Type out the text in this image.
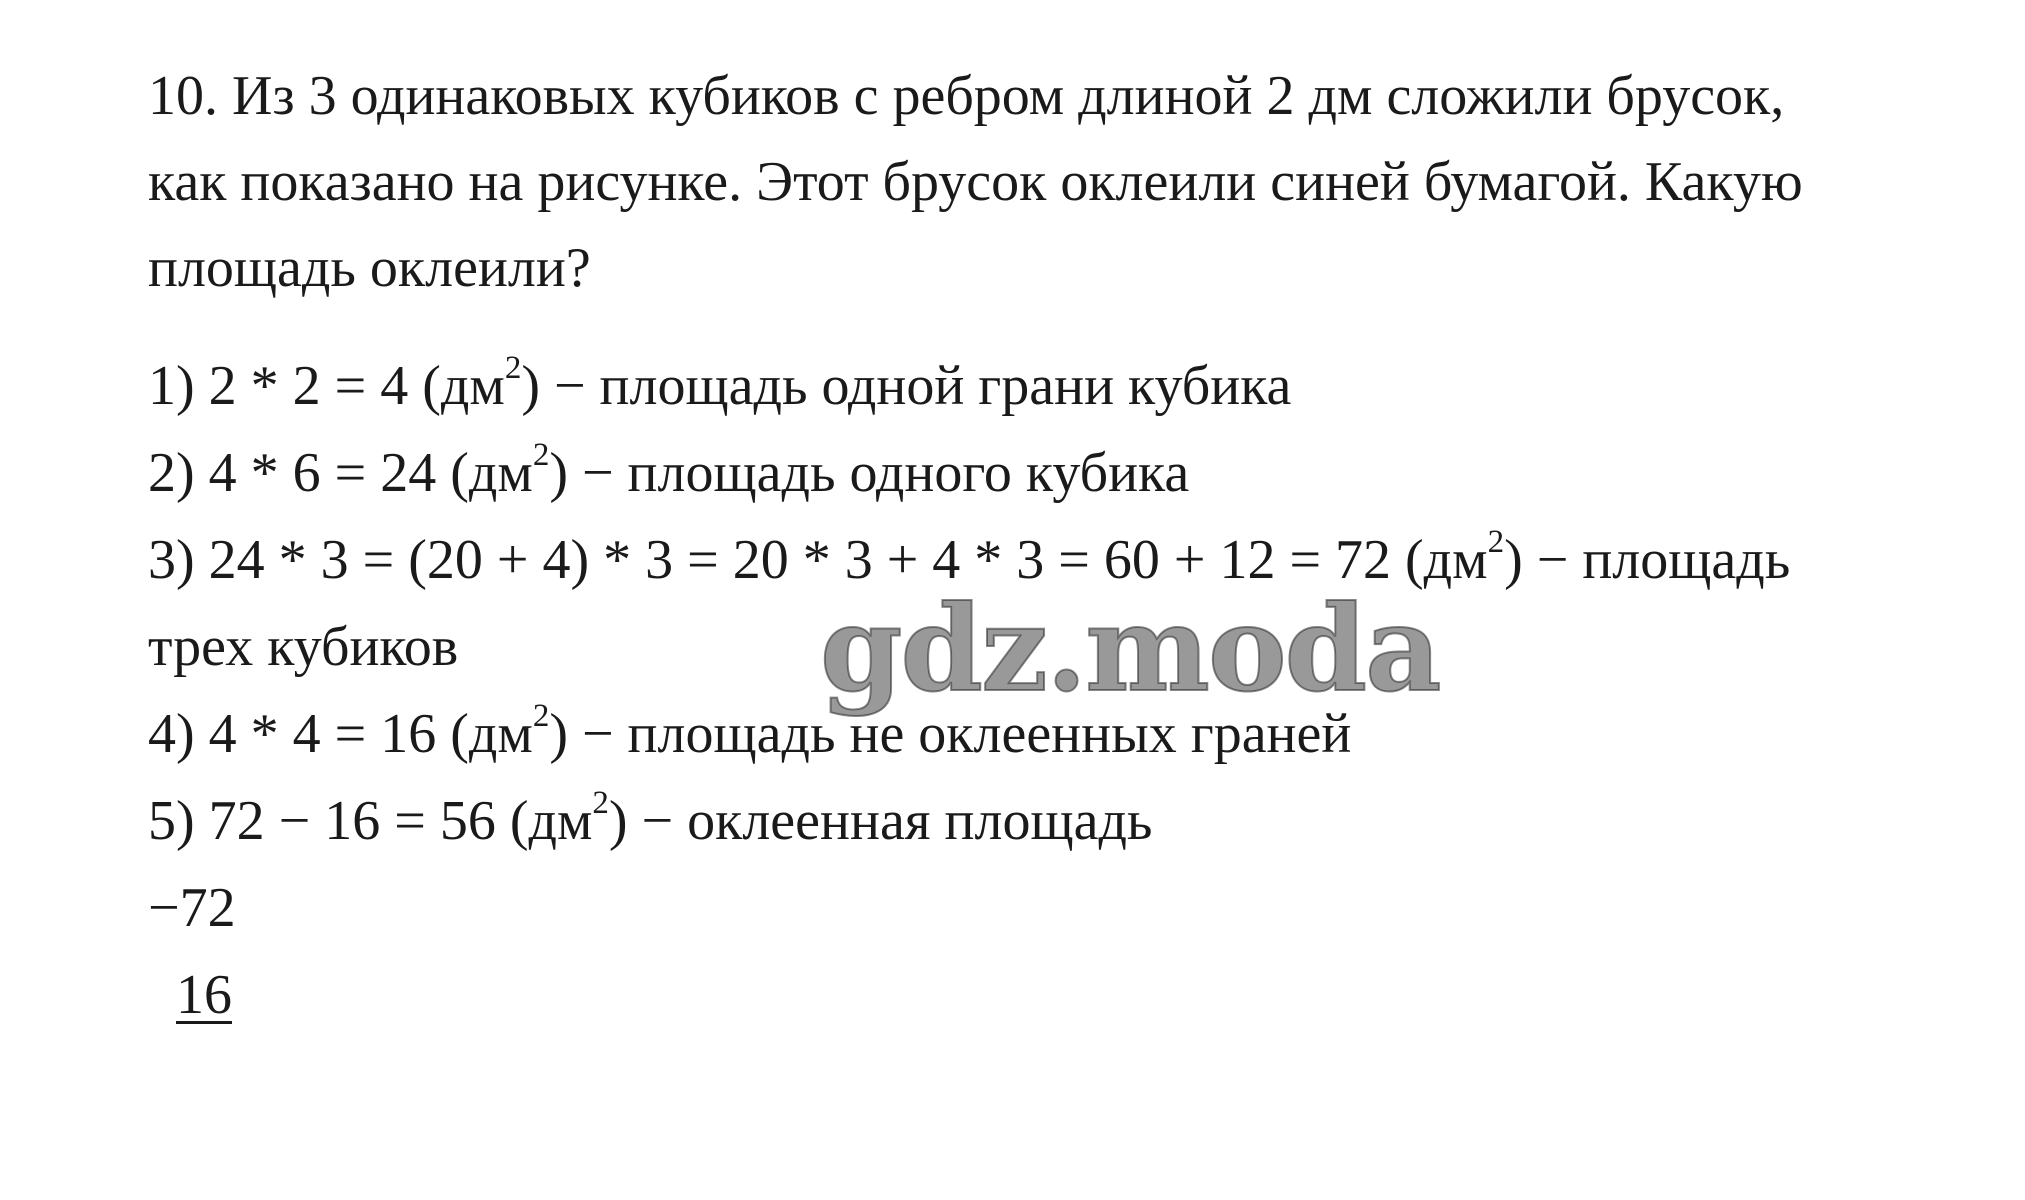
10. Из 3 одинаковых кубиков с ребром длиной 2 дм сложили брусок,
как показано на рисунке. Этот брусок оклеили синей бумагой. Какую
площадь оклеили?
1) 2 * 2 = 4 $(дм^2)$ − площадь одной грани кубика
2) 4 * 6 = 24 $(дм^2)$ − площадь одного кубика
3) 24 * 3 = (20 + 4) * 3 = 20 * 3 + 4 * 3 = 60 + 12 = 72 $(дм^2)$ − площадь
трех кубиков
4) 4 * 4 = 16 $(дм^2)$ − площадь не оклеенных граней
5) 72 − 16 = 56 $(дм^2)$ − оклеенная площадь
−72
16
gdz.moda
